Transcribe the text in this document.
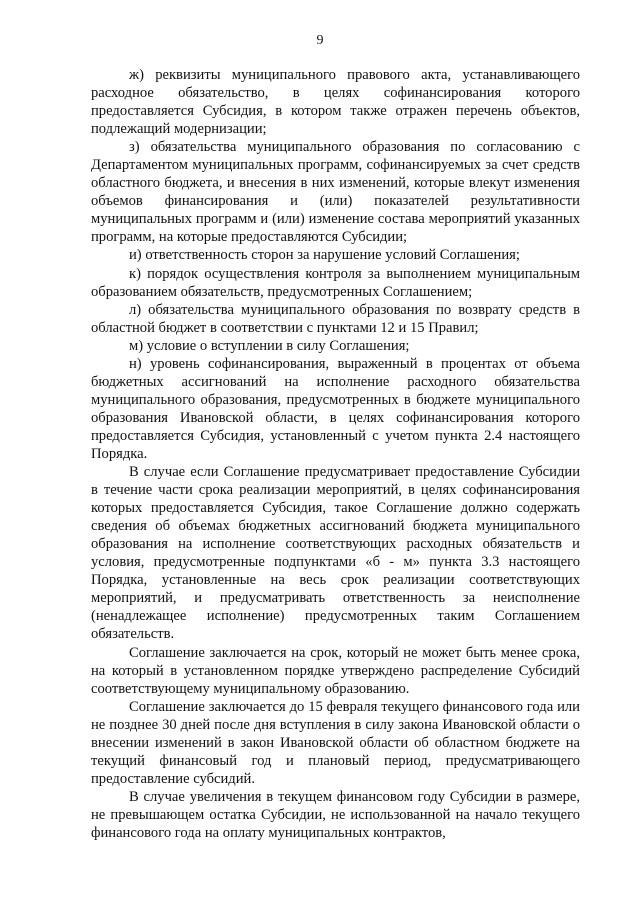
9

ж) реквизиты муниципального правового акта, устанавливающего расходное обязательство, в целях софинансирования которого предоставляется Субсидия, в котором также отражен перечень объектов, подлежащий модернизации;

з) обязательства муниципального образования по согласованию с Департаментом муниципальных программ, софинансируемых за счет средств областного бюджета, и внесения в них изменений, которые влекут изменения объемов финансирования и (или) показателей результативности муниципальных программ и (или) изменение состава мероприятий указанных программ, на которые предоставляются Субсидии;

и) ответственность сторон за нарушение условий Соглашения;

к) порядок осуществления контроля за выполнением муниципальным образованием обязательств, предусмотренных Соглашением;

л) обязательства муниципального образования по возврату средств в областной бюджет в соответствии с пунктами 12 и 15 Правил;

м) условие о вступлении в силу Соглашения;

н) уровень софинансирования, выраженный в процентах от объема бюджетных ассигнований на исполнение расходного обязательства муниципального образования, предусмотренных в бюджете муниципального образования Ивановской области, в целях софинансирования которого предоставляется Субсидия, установленный с учетом пункта 2.4 настоящего Порядка.

В случае если Соглашение предусматривает предоставление Субсидии в течение части срока реализации мероприятий, в целях софинансирования которых предоставляется Субсидия, такое Соглашение должно содержать сведения об объемах бюджетных ассигнований бюджета муниципального образования на исполнение соответствующих расходных обязательств и условия, предусмотренные подпунктами «б - м» пункта 3.3 настоящего Порядка, установленные на весь срок реализации соответствующих мероприятий, и предусматривать ответственность за неисполнение (ненадлежащее исполнение) предусмотренных таким Соглашением обязательств.

Соглашение заключается на срок, который не может быть менее срока, на который в установленном порядке утверждено распределение Субсидий соответствующему муниципальному образованию.

Соглашение заключается до 15 февраля текущего финансового года или не позднее 30 дней после дня вступления в силу закона Ивановской области о внесении изменений в закон Ивановской области об областном бюджете на текущий финансовый год и плановый период, предусматривающего предоставление субсидий.

В случае увеличения в текущем финансовом году Субсидии в размере, не превышающем остатка Субсидии, не использованной на начало текущего финансового года на оплату муниципальных контрактов,
